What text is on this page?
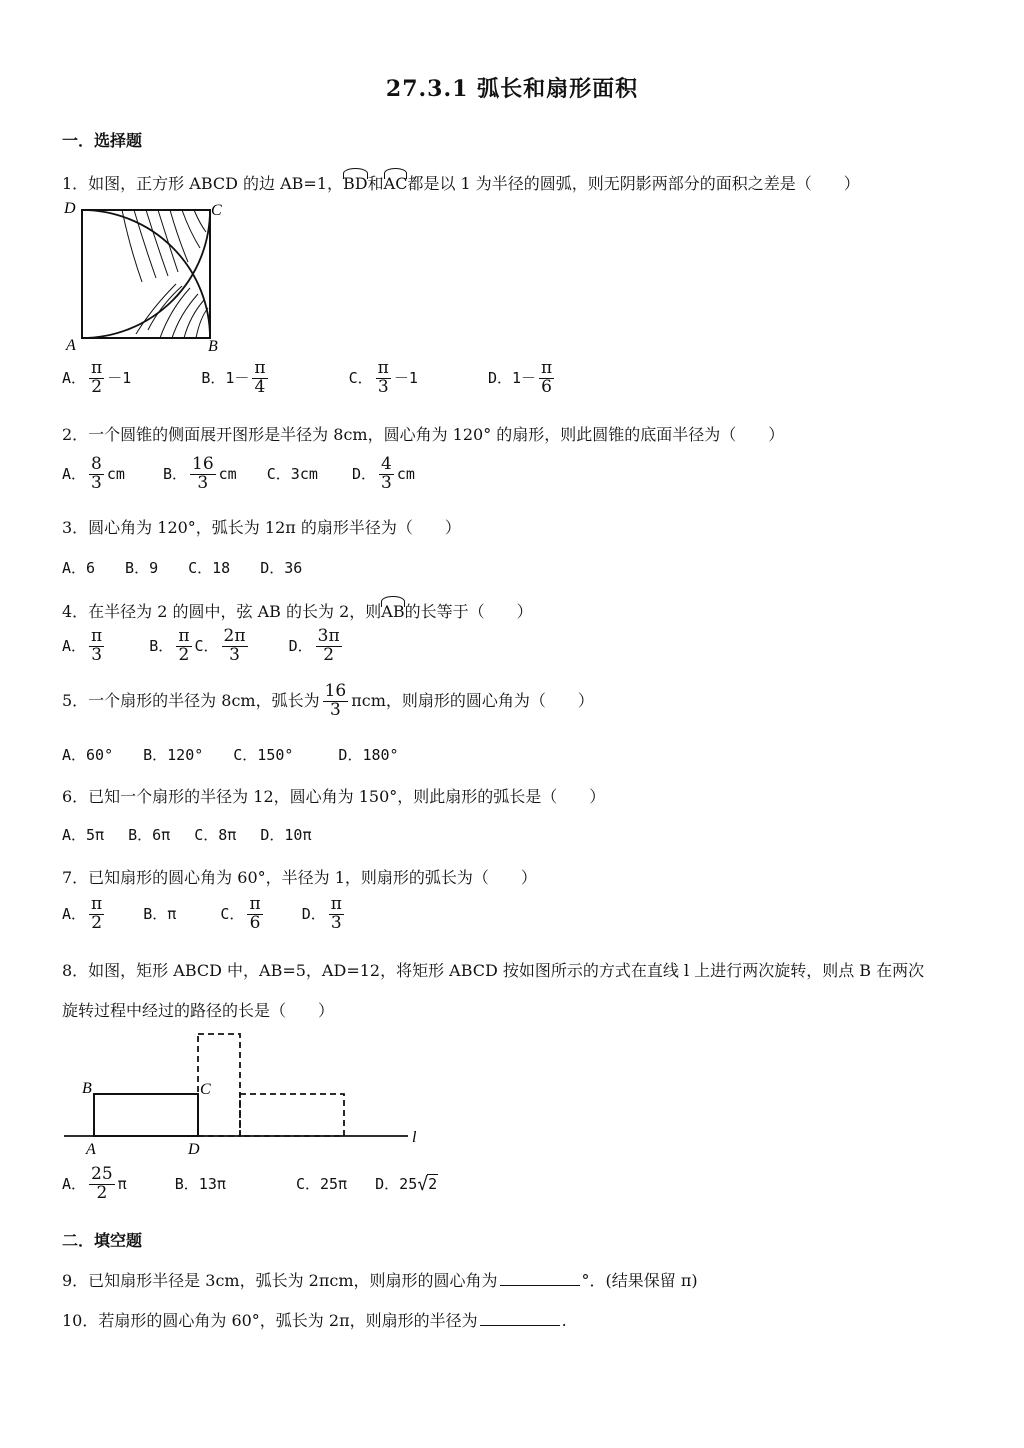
27.3.1 弧长和扇形面积
一．选择题
1．如图，正方形 ABCD 的边 AB=1，BD和AC都是以 1 为半径的圆弧，则无阴影两部分的面积之差是（　　）
D	C
A	B
A． $\frac{\pi}{2} -1$	B．$1- \frac{\pi}{4}$	C． $\frac{\pi}{3} -1$	D．$1- \frac{\pi}{6}$
2．一个圆锥的侧面展开图形是半径为 8cm，圆心角为 120° 的扇形，则此圆锥的底面半径为（　　）
A． $\frac{8}{3}$ cm	B． $\frac{16}{3}$ cm C．3cm D． $\frac{4}{3}$ cm
3．圆心角为 120°，弧长为 12π 的扇形半径为（　　）
A．6　　B．9　　C．18　　D．36
4．在半径为 2 的圆中，弦 AB 的长为 2，则AB的长等于（　　）
A． $\frac{\pi}{3}$	B． $\frac{\pi}{2}$ C． $\frac{2\pi}{3}$	D． $\frac{3\pi}{2}$
5．一个扇形的半径为 8cm，弧长为 $\frac{16}{3}$ πcm，则扇形的圆心角为（　　）
A．60°　　B．120°　　C．150°　　　D．180°
6．已知一个扇形的半径为 12，圆心角为 150°，则此扇形的弧长是（　　）
A．5π　 B．6π　 C．8π　 D．10π
7．已知扇形的圆心角为 60°，半径为 1，则扇形的弧长为（　　）
A． $\frac{\pi}{2}$	B．π	C． $\frac{\pi}{6}$	D． $\frac{\pi}{3}$
8．如图，矩形 ABCD 中，AB=5，AD=12，将矩形 ABCD 按如图所示的方式在直线 l 上进行两次旋转，则点 B 在两次
旋转过程中经过的路径的长是（　　）
B	C
A	D
l
A． $\frac{25}{2}$ π	B．13π	C．25π D．25 √ 2
二．填空题
9．已知扇形半径是 3cm，弧长为 2πcm，则扇形的圆心角为	°．(结果保留 π)
10．若扇形的圆心角为 60°，弧长为 2π，则扇形的半径为	.
